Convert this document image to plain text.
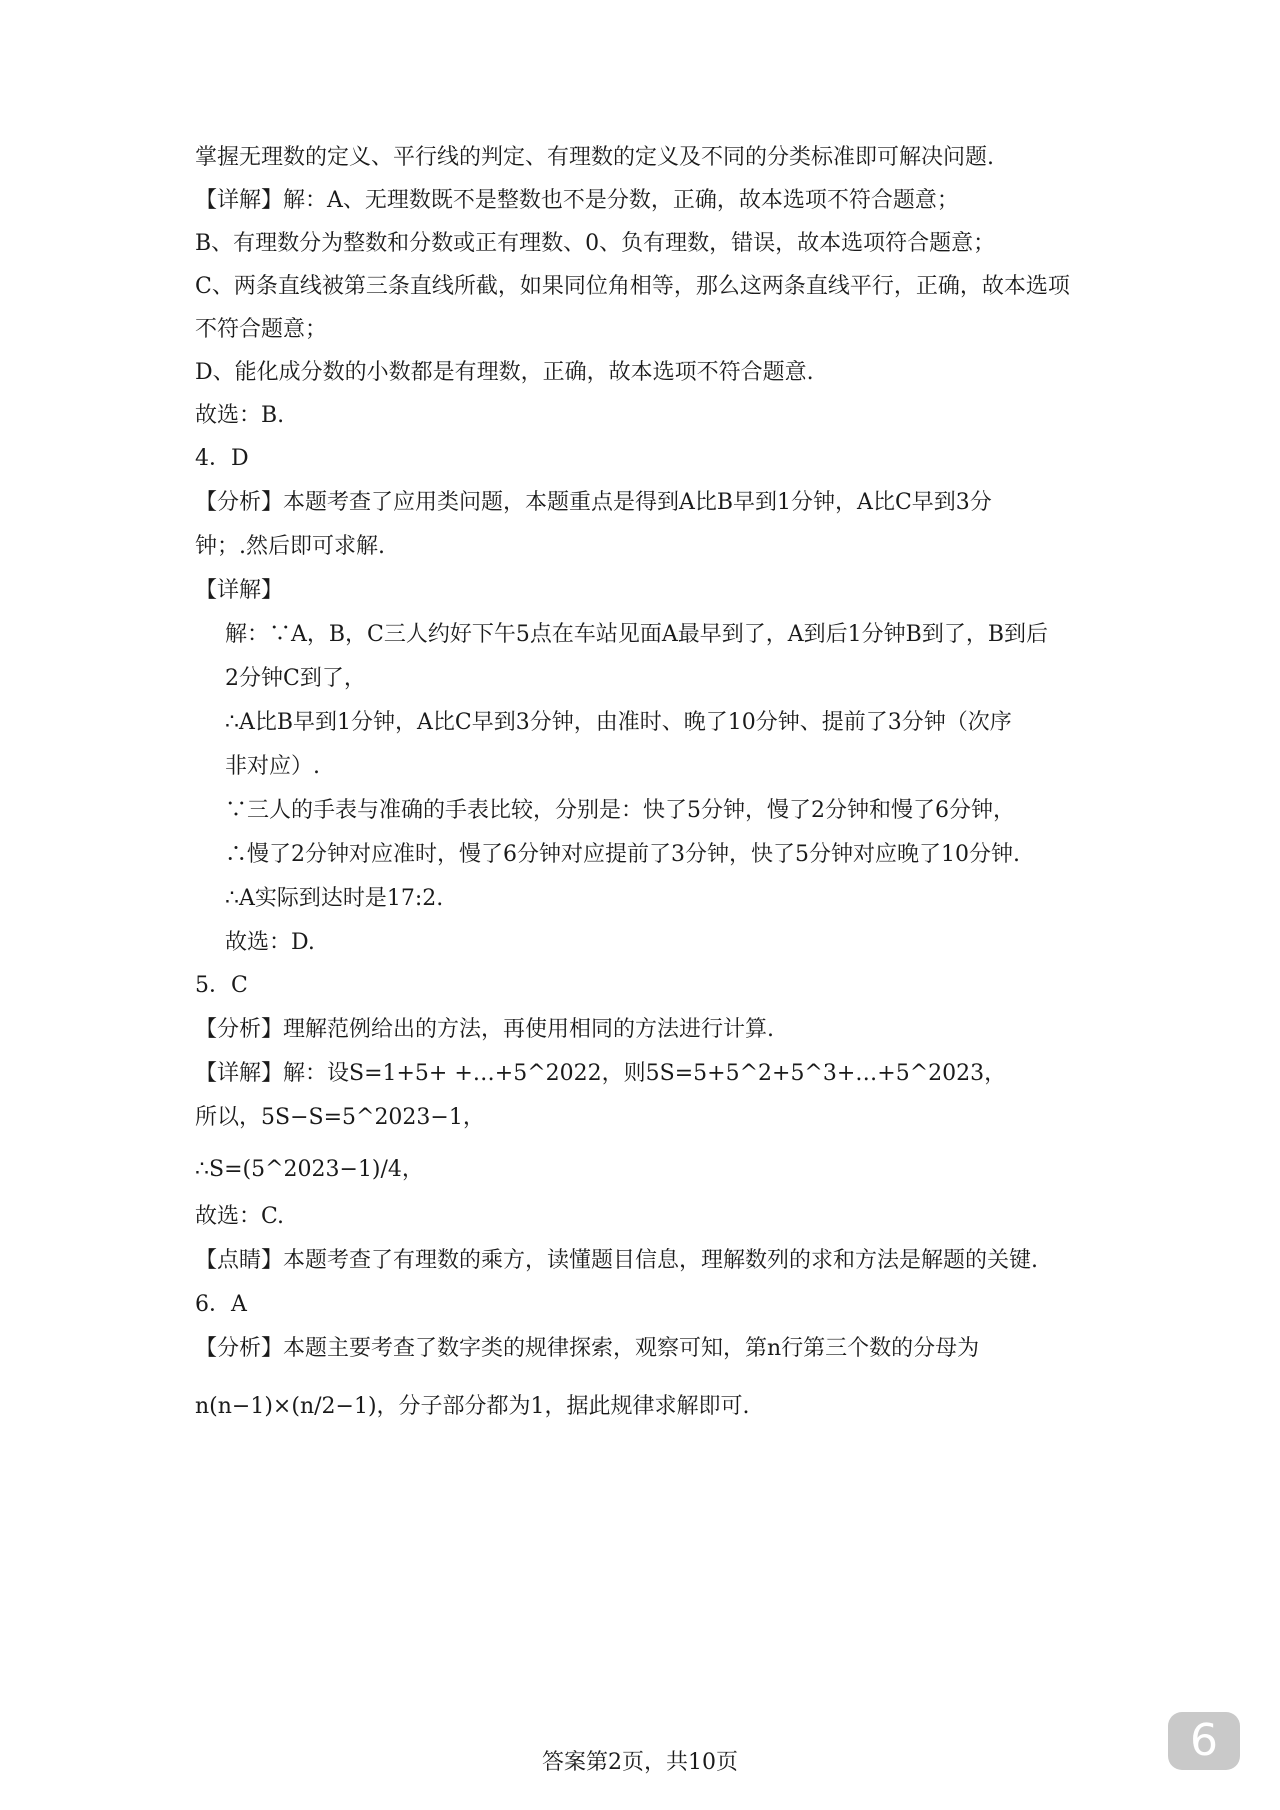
掌握无理数的定义、平行线的判定、有理数的定义及不同的分类标准即可解决问题.
【详解】解：A、无理数既不是整数也不是分数，正确，故本选项不符合题意；
B、有理数分为整数和分数或正有理数、0、负有理数，错误，故本选项符合题意；
C、两条直线被第三条直线所截，如果同位角相等，那么这两条直线平行，正确，故本选项
不符合题意；
D、能化成分数的小数都是有理数，正确，故本选项不符合题意.
故选：B.
4．D
【分析】本题考查了应用类问题，本题重点是得到A比B早到1分钟，A比C早到3分
钟；.然后即可求解.
【详解】
解：∵A，B，C三人约好下午5点在车站见面A最早到了，A到后1分钟B到了，B到后
2分钟C到了，
∴A比B早到1分钟，A比C早到3分钟，由准时、晚了10分钟、提前了3分钟（次序
非对应）.
∵三人的手表与准确的手表比较，分别是：快了5分钟，慢了2分钟和慢了6分钟，
∴慢了2分钟对应准时，慢了6分钟对应提前了3分钟，快了5分钟对应晚了10分钟.
∴A实际到达时是17:2.
故选：D.
5．C
【分析】理解范例给出的方法，再使用相同的方法进行计算.
【详解】解：设S=1+5+ +…+5^2022，则5S=5+5^2+5^3+…+5^2023，
所以，5S−S=5^2023−1，
∴S=(5^2023−1)/4，
故选：C.
【点睛】本题考查了有理数的乘方，读懂题目信息，理解数列的求和方法是解题的关键.
6．A
【分析】本题主要考查了数字类的规律探索，观察可知，第n行第三个数的分母为
n(n−1)×(n/2−1)，分子部分都为1，据此规律求解即可.
答案第2页，共10页	6
